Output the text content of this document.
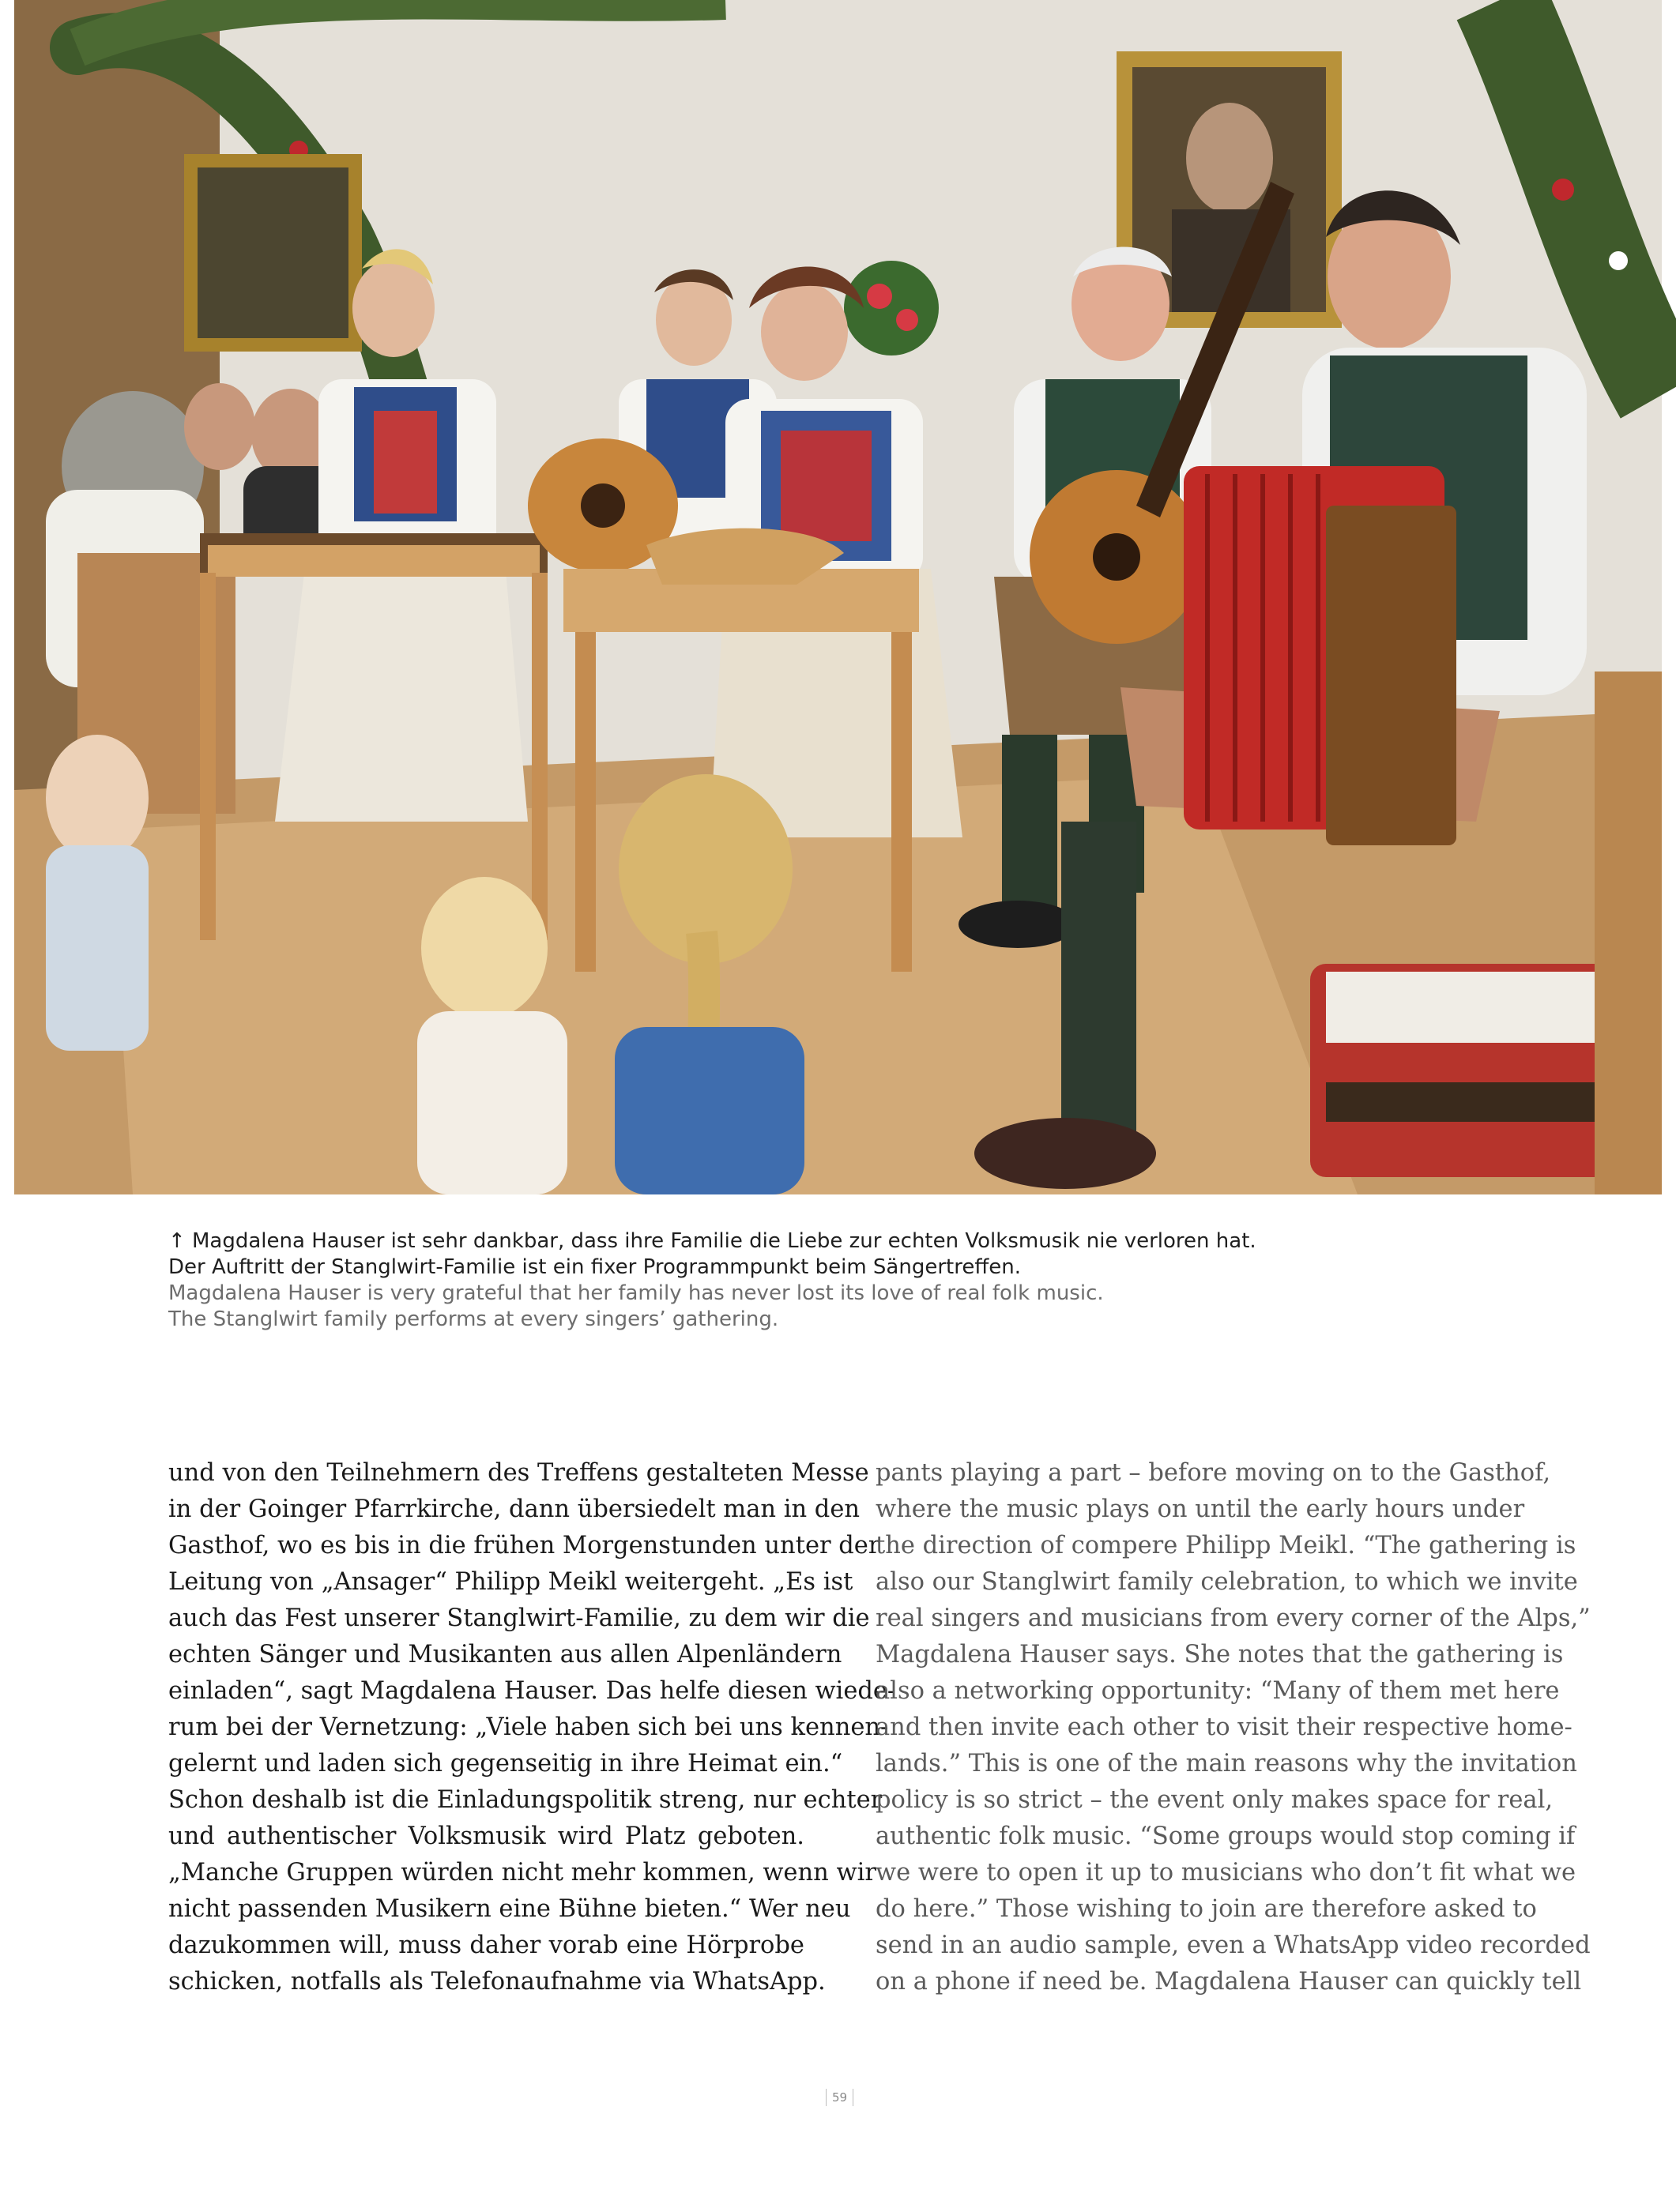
↑ Magdalena Hauser ist sehr dankbar, dass ihre Familie die Liebe zur echten Volksmusik nie verloren hat.
Der Auftritt der Stanglwirt-Familie ist ein fixer Programmpunkt beim Sängertreffen.
Magdalena Hauser is very grateful that her family has never lost its love of real folk music.
The Stanglwirt family performs at every singers’ gathering.
und von den Teilnehmern des Treffens gestalteten Messe
in der Goinger Pfarrkirche, dann übersiedelt man in den
Gasthof, wo es bis in die frühen Morgenstunden unter der
Leitung von „Ansager“ Philipp Meikl weitergeht. „Es ist
auch das Fest unserer Stanglwirt-Familie, zu dem wir die
echten Sänger und Musikanten aus allen Alpenländern
einladen“, sagt Magdalena Hauser. Das helfe diesen wiede-
rum bei der Vernetzung: „Viele haben sich bei uns kennen-
gelernt und laden sich gegenseitig in ihre Heimat ein.“
Schon deshalb ist die Einladungspolitik streng, nur echter
und authentischer Volksmusik wird Platz geboten.
„Manche Gruppen würden nicht mehr kommen, wenn wir
nicht passenden Musikern eine Bühne bieten.“ Wer neu
dazukommen will, muss daher vorab eine Hörprobe
schicken, notfalls als Telefonaufnahme via WhatsApp.
pants playing a part – before moving on to the Gasthof,
where the music plays on until the early hours under
the direction of compere Philipp Meikl. “The gathering is
also our Stanglwirt family celebration, to which we invite
real singers and musicians from every corner of the Alps,”
Magdalena Hauser says. She notes that the gathering is
also a networking opportunity: “Many of them met here
and then invite each other to visit their respective home-
lands.” This is one of the main reasons why the invitation
policy is so strict – the event only makes space for real,
authentic folk music. “Some groups would stop coming if
we were to open it up to musicians who don’t fit what we
do here.” Those wishing to join are therefore asked to
send in an audio sample, even a WhatsApp video recorded
on a phone if need be. Magdalena Hauser can quickly tell
59
